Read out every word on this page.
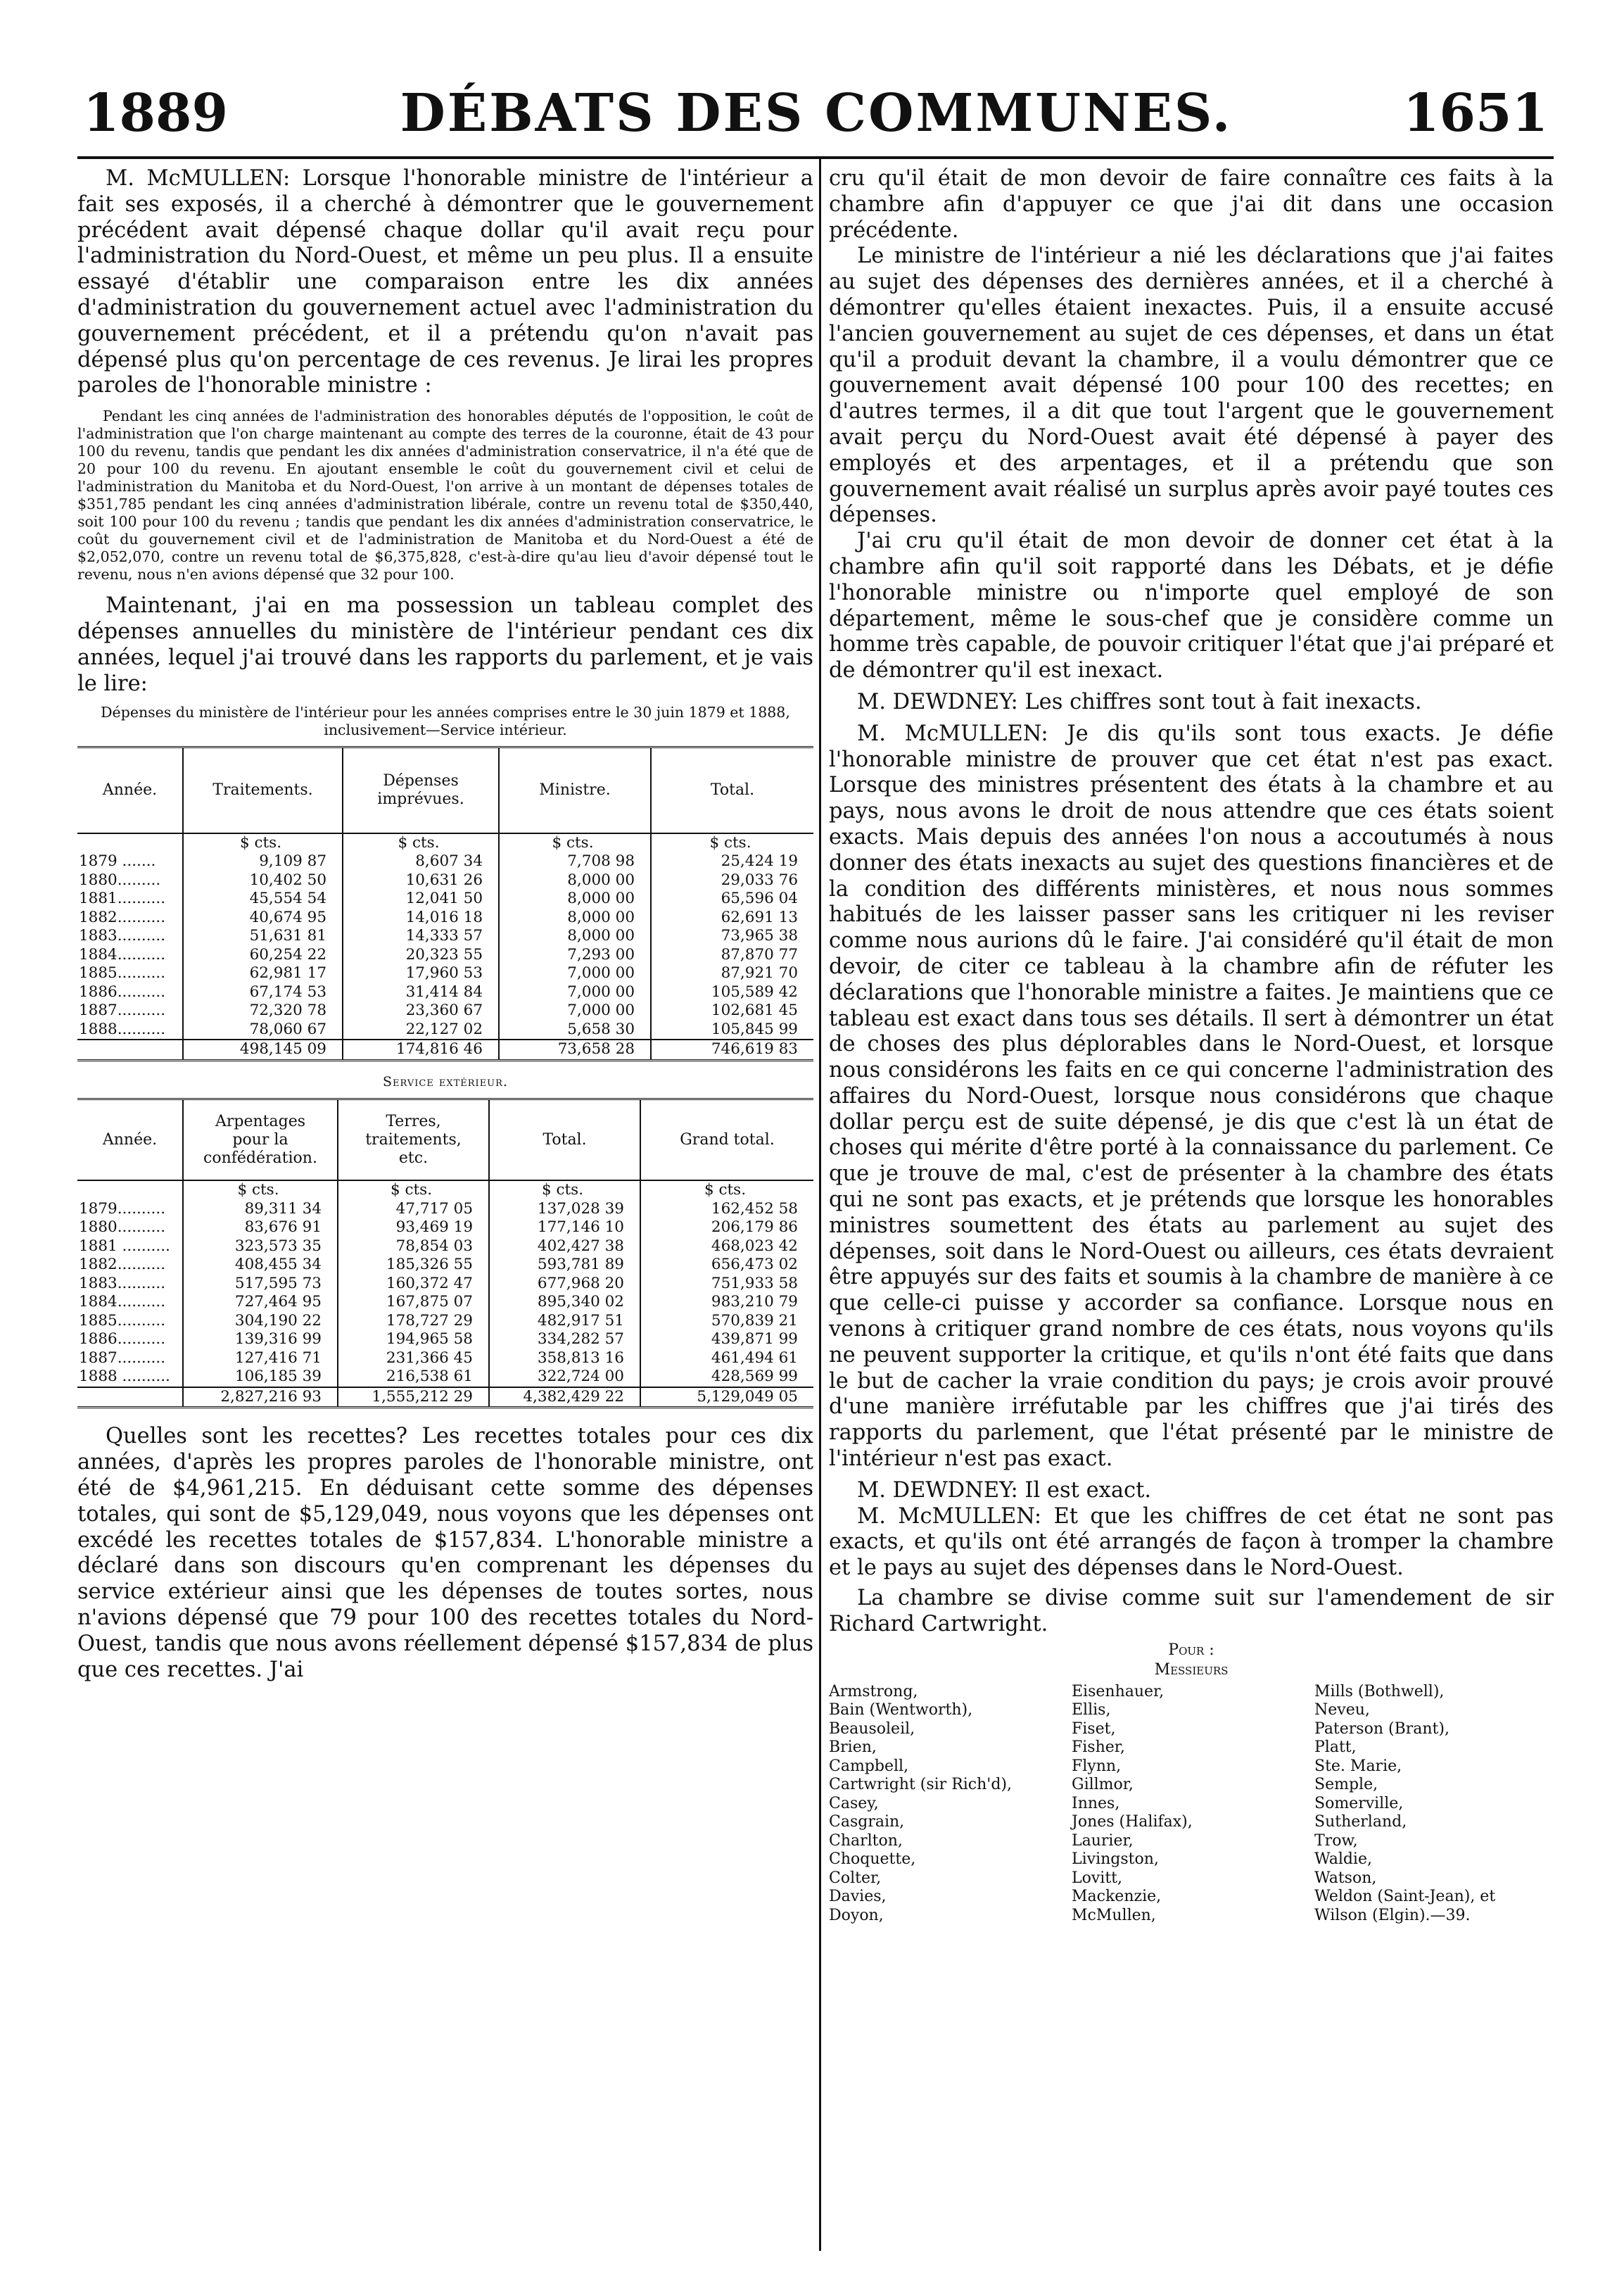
1889	DÉBATS DES COMMUNES.	1651

M. McMULLEN: Lorsque l'honorable ministre de l'intérieur a fait ses exposés, il a cherché à démontrer que le gouvernement précédent avait dépensé chaque dollar qu'il avait reçu pour l'administration du Nord-Ouest, et même un peu plus. Il a ensuite essayé d'établir une comparaison entre les dix années d'administration du gouvernement actuel avec l'administration du gouvernement précédent, et il a prétendu qu'on n'avait pas dépensé plus qu'on percentage de ces revenus. Je lirai les propres paroles de l'honorable ministre :

Pendant les cinq années de l'administration des honorables députés de l'opposition, le coût de l'administration que l'on charge maintenant au compte des terres de la couronne, était de 43 pour 100 du revenu, tandis que pendant les dix années d'administration conservatrice, il n'a été que de 20 pour 100 du revenu. En ajoutant ensemble le coût du gouvernement civil et celui de l'administration du Manitoba et du Nord-Ouest, l'on arrive à un montant de dépenses totales de $351,785 pendant les cinq années d'administration libérale, contre un revenu total de $350,440, soit 100 pour 100 du revenu ; tandis que pendant les dix années d'administration conservatrice, le coût du gouvernement civil et de l'administration de Manitoba et du Nord-Ouest a été de $2,052,070, contre un revenu total de $6,375,828, c'est-à-dire qu'au lieu d'avoir dépensé tout le revenu, nous n'en avions dépensé que 32 pour 100.

Maintenant, j'ai en ma possession un tableau complet des dépenses annuelles du ministère de l'intérieur pendant ces dix années, lequel j'ai trouvé dans les rapports du parlement, et je vais le lire:

Dépenses du ministère de l'intérieur pour les années comprises entre le 30 juin 1879 et 1888, inclusivement—Service intérieur.

Année.	Traitements.	Dépenses imprévues.	Ministre.	Total.
	$ cts.	$ cts.	$ cts.	$ cts.
1879 .......	9,109 87	8,607 34	7,708 98	25,424 19
1880.........	10,402 50	10,631 26	8,000 00	29,033 76
1881..........	45,554 54	12,041 50	8,000 00	65,596 04
1882..........	40,674 95	14,016 18	8,000 00	62,691 13
1883..........	51,631 81	14,333 57	8,000 00	73,965 38
1884..........	60,254 22	20,323 55	7,293 00	87,870 77
1885..........	62,981 17	17,960 53	7,000 00	87,921 70
1886..........	67,174 53	31,414 84	7,000 00	105,589 42
1887..........	72,320 78	23,360 67	7,000 00	102,681 45
1888..........	78,060 67	22,127 02	5,658 30	105,845 99
	498,145 09	174,816 46	73,658 28	746,619 83
Service extérieur.
Année.	Arpentages pour la confédération.	Terres, traitements, etc.	Total.	Grand total.
	$ cts.	$ cts.	$ cts.	$ cts.
1879..........	89,311 34	47,717 05	137,028 39	162,452 58
1880..........	83,676 91	93,469 19	177,146 10	206,179 86
1881 ..........	323,573 35	78,854 03	402,427 38	468,023 42
1882..........	408,455 34	185,326 55	593,781 89	656,473 02
1883..........	517,595 73	160,372 47	677,968 20	751,933 58
1884..........	727,464 95	167,875 07	895,340 02	983,210 79
1885..........	304,190 22	178,727 29	482,917 51	570,839 21
1886..........	139,316 99	194,965 58	334,282 57	439,871 99
1887..........	127,416 71	231,366 45	358,813 16	461,494 61
1888 ..........	106,185 39	216,538 61	322,724 00	428,569 99
	2,827,216 93	1,555,212 29	4,382,429 22	5,129,049 05

Quelles sont les recettes? Les recettes totales pour ces dix années, d'après les propres paroles de l'honorable ministre, ont été de $4,961,215. En déduisant cette somme des dépenses totales, qui sont de $5,129,049, nous voyons que les dépenses ont excédé les recettes totales de $157,834. L'honorable ministre a déclaré dans son discours qu'en comprenant les dépenses du service extérieur ainsi que les dépenses de toutes sortes, nous n'avions dépensé que 79 pour 100 des recettes totales du Nord-Ouest, tandis que nous avons réellement dépensé $157,834 de plus que ces recettes. J'ai

cru qu'il était de mon devoir de faire connaître ces faits à la chambre afin d'appuyer ce que j'ai dit dans une occasion précédente.

Le ministre de l'intérieur a nié les déclarations que j'ai faites au sujet des dépenses des dernières années, et il a cherché à démontrer qu'elles étaient inexactes. Puis, il a ensuite accusé l'ancien gouvernement au sujet de ces dépenses, et dans un état qu'il a produit devant la chambre, il a voulu démontrer que ce gouvernement avait dépensé 100 pour 100 des recettes; en d'autres termes, il a dit que tout l'argent que le gouvernement avait perçu du Nord-Ouest avait été dépensé à payer des employés et des arpentages, et il a prétendu que son gouvernement avait réalisé un surplus après avoir payé toutes ces dépenses.

J'ai cru qu'il était de mon devoir de donner cet état à la chambre afin qu'il soit rapporté dans les Débats, et je défie l'honorable ministre ou n'importe quel employé de son département, même le sous-chef que je considère comme un homme très capable, de pouvoir critiquer l'état que j'ai préparé et de démontrer qu'il est inexact.

M. DEWDNEY: Les chiffres sont tout à fait inexacts.

M. McMULLEN: Je dis qu'ils sont tous exacts. Je défie l'honorable ministre de prouver que cet état n'est pas exact. Lorsque des ministres présentent des états à la chambre et au pays, nous avons le droit de nous attendre que ces états soient exacts. Mais depuis des années l'on nous a accoutumés à nous donner des états inexacts au sujet des questions financières et de la condition des différents ministères, et nous nous sommes habitués de les laisser passer sans les critiquer ni les reviser comme nous aurions dû le faire. J'ai considéré qu'il était de mon devoir, de citer ce tableau à la chambre afin de réfuter les déclarations que l'honorable ministre a faites. Je maintiens que ce tableau est exact dans tous ses détails. Il sert à démontrer un état de choses des plus déplorables dans le Nord-Ouest, et lorsque nous considérons les faits en ce qui concerne l'administration des affaires du Nord-Ouest, lorsque nous considérons que chaque dollar perçu est de suite dépensé, je dis que c'est là un état de choses qui mérite d'être porté à la connaissance du parlement. Ce que je trouve de mal, c'est de présenter à la chambre des états qui ne sont pas exacts, et je prétends que lorsque les honorables ministres soumettent des états au parlement au sujet des dépenses, soit dans le Nord-Ouest ou ailleurs, ces états devraient être appuyés sur des faits et soumis à la chambre de manière à ce que celle-ci puisse y accorder sa confiance. Lorsque nous en venons à critiquer grand nombre de ces états, nous voyons qu'ils ne peuvent supporter la critique, et qu'ils n'ont été faits que dans le but de cacher la vraie condition du pays; je crois avoir prouvé d'une manière irréfutable par les chiffres que j'ai tirés des rapports du parlement, que l'état présenté par le ministre de l'intérieur n'est pas exact.

M. DEWDNEY: Il est exact.

M. McMULLEN: Et que les chiffres de cet état ne sont pas exacts, et qu'ils ont été arrangés de façon à tromper la chambre et le pays au sujet des dépenses dans le Nord-Ouest.

La chambre se divise comme suit sur l'amendement de sir Richard Cartwright.

Pour :
Messieurs
Armstrong,
Bain (Wentworth),
Beausoleil,
Brien,
Campbell,
Cartwright (sir Rich'd),
Casey,
Casgrain,
Charlton,
Choquette,
Colter,
Davies,
Doyon,
Eisenhauer,
Ellis,
Fiset,
Fisher,
Flynn,
Gillmor,
Innes,
Jones (Halifax),
Laurier,
Livingston,
Lovitt,
Mackenzie,
McMullen,
Mills (Bothwell),
Neveu,
Paterson (Brant),
Platt,
Ste. Marie,
Semple,
Somerville,
Sutherland,
Trow,
Waldie,
Watson,
Weldon (Saint-Jean), et
Wilson (Elgin).—39.
